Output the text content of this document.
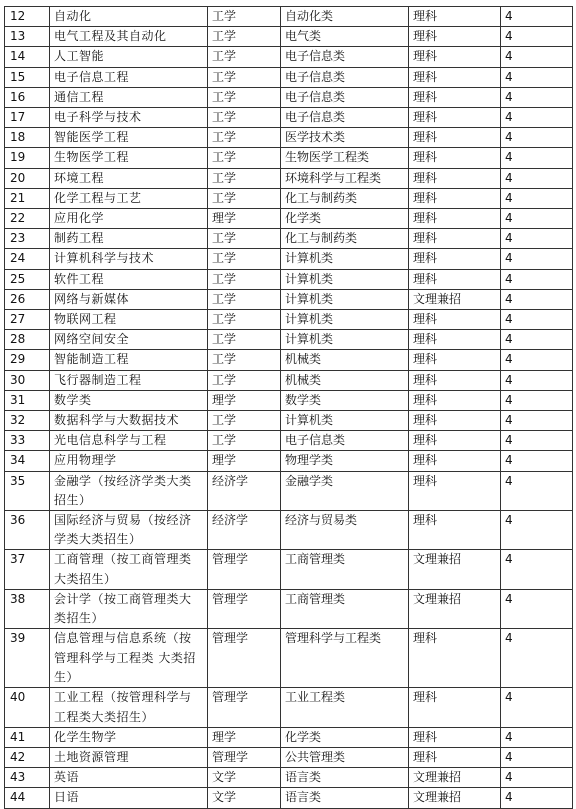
12	自动化	工学	自动化类	理科	4
13	电气工程及其自动化	工学	电气类	理科	4
14	人工智能	工学	电子信息类	理科	4
15	电子信息工程	工学	电子信息类	理科	4
16	通信工程	工学	电子信息类	理科	4
17	电子科学与技术	工学	电子信息类	理科	4
18	智能医学工程	工学	医学技术类	理科	4
19	生物医学工程	工学	生物医学工程类	理科	4
20	环境工程	工学	环境科学与工程类	理科	4
21	化学工程与工艺	工学	化工与制药类	理科	4
22	应用化学	理学	化学类	理科	4
23	制药工程	工学	化工与制药类	理科	4
24	计算机科学与技术	工学	计算机类	理科	4
25	软件工程	工学	计算机类	理科	4
26	网络与新媒体	工学	计算机类	文理兼招	4
27	物联网工程	工学	计算机类	理科	4
28	网络空间安全	工学	计算机类	理科	4
29	智能制造工程	工学	机械类	理科	4
30	飞行器制造工程	工学	机械类	理科	4
31	数学类	理学	数学类	理科	4
32	数据科学与大数据技术	工学	计算机类	理科	4
33	光电信息科学与工程	工学	电子信息类	理科	4
34	应用物理学	理学	物理学类	理科	4
35	金融学（按经济学类大类招生）	经济学	金融学类	理科	4
36	国际经济与贸易（按经济学类大类招生）	经济学	经济与贸易类	理科	4
37	工商管理（按工商管理类大类招生）	管理学	工商管理类	文理兼招	4
38	会计学（按工商管理类大类招生）	管理学	工商管理类	文理兼招	4
39	信息管理与信息系统（按管理科学与工程类 大类招生）	管理学	管理科学与工程类	理科	4
40	工业工程（按管理科学与工程类大类招生）	管理学	工业工程类	理科	4
41	化学生物学	理学	化学类	理科	4
42	土地资源管理	管理学	公共管理类	理科	4
43	英语	文学	语言类	文理兼招	4
44	日语	文学	语言类	文理兼招	4
